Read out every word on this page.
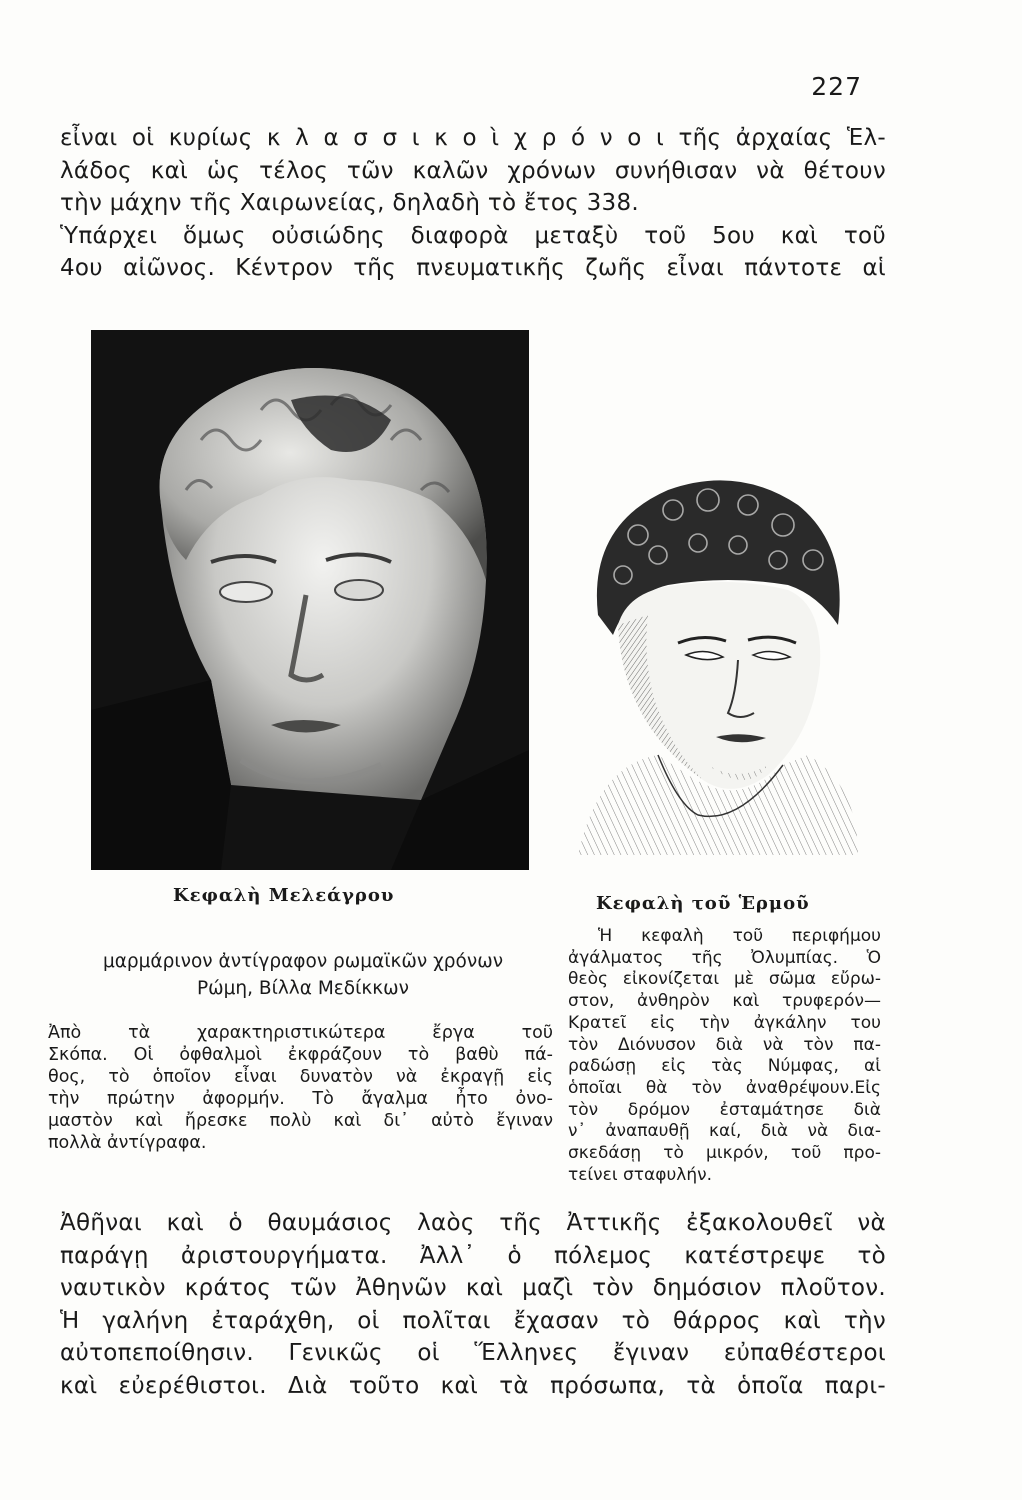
227
εἶναι οἱ κυρίως κ λ α σ σ ι κ ο ὶ χ ρ ό ν ο ι τῆς ἀρχαίας Ἑλ-
λάδος καὶ ὡς τέλος τῶν καλῶν χρόνων συνήθισαν νὰ θέτουν
τὴν μάχην τῆς Χαιρωνείας, δηλαδὴ τὸ ἔτος 338.
Ὑπάρχει ὅμως οὐσιώδης διαφορὰ μεταξὺ τοῦ 5ου καὶ τοῦ
4ου αἰῶνος. Κέντρον τῆς πνευματικῆς ζωῆς εἶναι πάντοτε αἱ
Κεφαλὴ Μελεάγρου	Κεφαλὴ τοῦ Ἑρμοῦ
μαρμάρινον ἀντίγραφον ρωμαϊκῶν χρόνων
Ρώμη, Βίλλα Μεδίκκων
Ἀπὸ τὰ χαρακτηριστικώτερα ἔργα τοῦ
Σκόπα. Οἱ ὀφθαλμοὶ ἐκφράζουν τὸ βαθὺ πά-
θος, τὸ ὁποῖον εἶναι δυνατὸν νὰ ἐκραγῇ εἰς
τὴν πρώτην ἀφορμήν. Τὸ ἄγαλμα ἦτο ὀνο-
μαστὸν καὶ ἤρεσκε πολὺ καὶ δι᾿ αὐτὸ ἔγιναν
πολλὰ ἀντίγραφα.
Ἡ κεφαλὴ τοῦ περιφήμου
ἀγάλματος τῆς Ὀλυμπίας. Ὁ
θεὸς εἰκονίζεται μὲ σῶμα εὔρω-
στον, ἀνθηρὸν καὶ τρυφερόν—
Κρατεῖ εἰς τὴν ἀγκάλην του
τὸν Διόνυσον διὰ νὰ τὸν πα-
ραδώσῃ εἰς τὰς Νύμφας, αἱ
ὁποῖαι θὰ τὸν ἀναθρέψουν.Εἰς
τὸν δρόμον ἐσταμάτησε διὰ
ν᾿ ἀναπαυθῇ καί, διὰ νὰ δια-
σκεδάσῃ τὸ μικρόν, τοῦ προ-
τείνει σταφυλήν.
Ἀθῆναι καὶ ὁ θαυμάσιος λαὸς τῆς Ἀττικῆς ἐξακολουθεῖ νὰ
παράγῃ ἀριστουργήματα. Ἀλλ᾿ ὁ πόλεμος κατέστρεψε τὸ
ναυτικὸν κράτος τῶν Ἀθηνῶν καὶ μαζὶ τὸν δημόσιον πλοῦτον.
Ἡ γαλήνη ἐταράχθη, οἱ πολῖται ἔχασαν τὸ θάρρος καὶ τὴν
αὐτοπεποίθησιν. Γενικῶς οἱ Ἕλληνες ἔγιναν εὐπαθέστεροι
καὶ εὐερέθιστοι. Διὰ τοῦτο καὶ τὰ πρόσωπα, τὰ ὁποῖα παρι-
